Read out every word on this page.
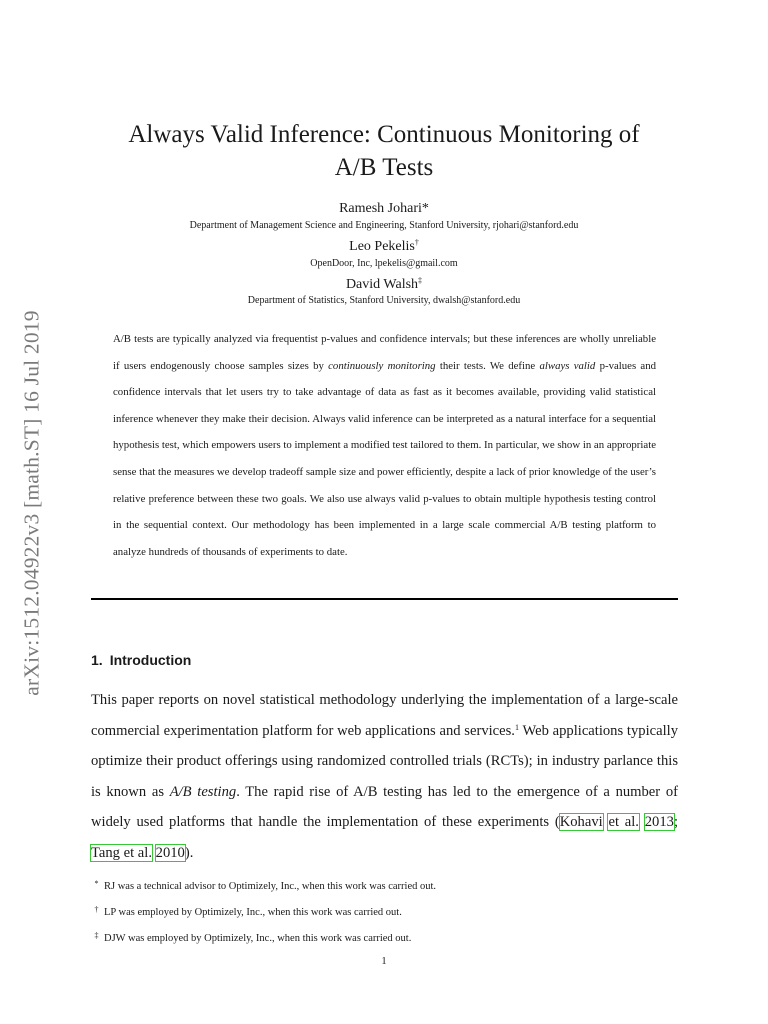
arXiv:1512.04922v3 [math.ST] 16 Jul 2019
Always Valid Inference: Continuous Monitoring of
A/B Tests
Ramesh Johari*
Department of Management Science and Engineering, Stanford University, rjohari@stanford.edu
Leo Pekelis†
OpenDoor, Inc, lpekelis@gmail.com
David Walsh‡
Department of Statistics, Stanford University, dwalsh@stanford.edu
A/B tests are typically analyzed via frequentist p-values and confidence intervals; but these inferences are wholly unreliable if users endogenously choose samples sizes by continuously monitoring their tests. We define always valid p-values and confidence intervals that let users try to take advantage of data as fast as it becomes available, providing valid statistical inference whenever they make their decision. Always valid inference can be interpreted as a natural interface for a sequential hypothesis test, which empowers users to implement a modified test tailored to them. In particular, we show in an appropriate sense that the measures we develop tradeoff sample size and power efficiently, despite a lack of prior knowledge of the user’s relative preference between these two goals. We also use always valid p-values to obtain multiple hypothesis testing control in the sequential context. Our methodology has been implemented in a large scale commercial A/B testing platform to analyze hundreds of thousands of experiments to date.
1. Introduction
This paper reports on novel statistical methodology underlying the implementation of a large-scale commercial experimentation platform for web applications and services.$^1$ Web applications typically optimize their product offerings using randomized controlled trials (RCTs); in industry parlance this is known as A/B testing. The rapid rise of A/B testing has led to the emergence of a number of widely used platforms that handle the implementation of these experiments (Kohavi et al. 2013; Tang et al. 2010).
* RJ was a technical advisor to Optimizely, Inc., when this work was carried out.
† LP was employed by Optimizely, Inc., when this work was carried out.
‡ DJW was employed by Optimizely, Inc., when this work was carried out.
1
